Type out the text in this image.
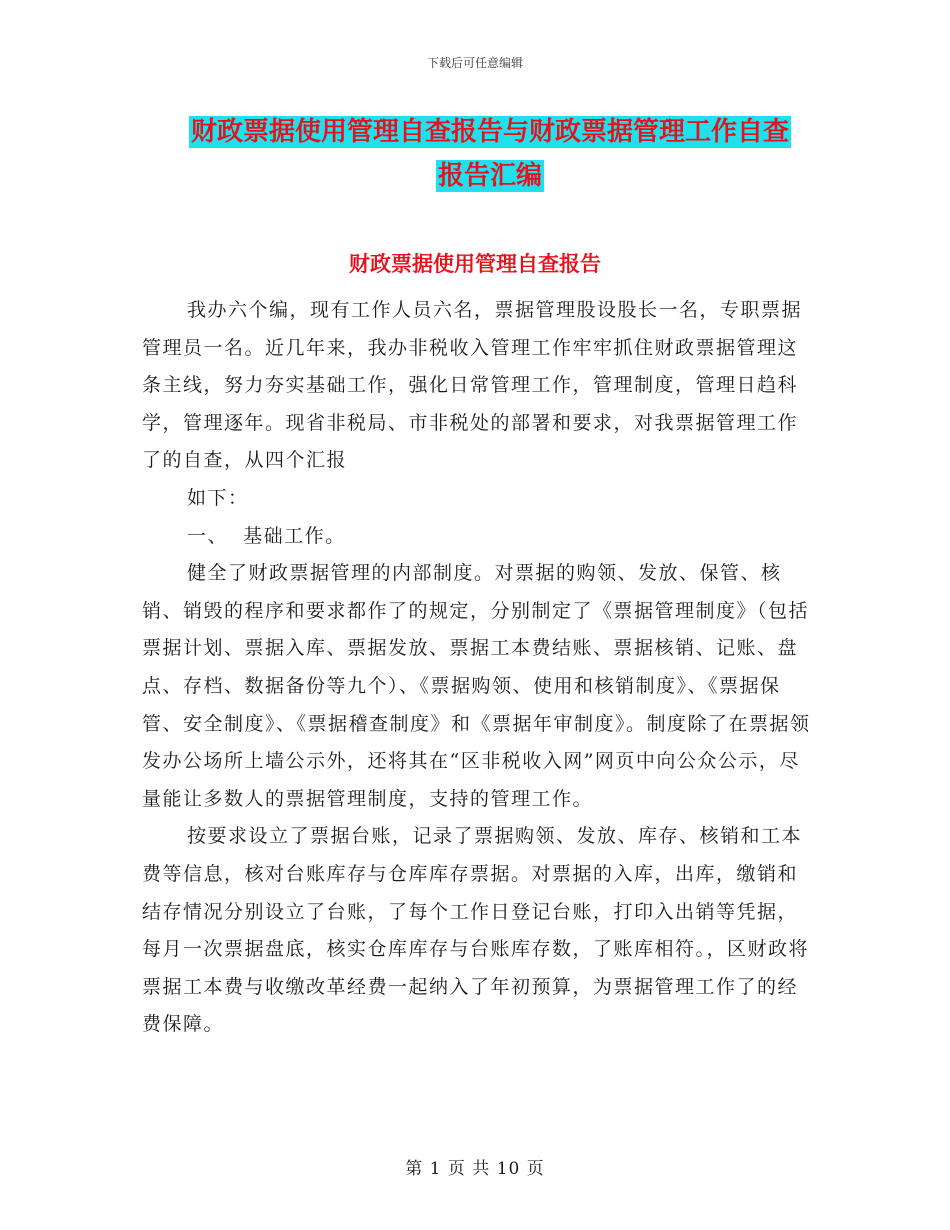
下载后可任意编辑
财政票据使用管理自查报告与财政票据管理工作自查
报告汇编
财政票据使用管理自查报告

我办六个编，现有工作人员六名，票据管理股设股长一名，专职票据管理员一名。近几年来，我办非税收入管理工作牢牢抓住财政票据管理这条主线，努力夯实基础工作，强化日常管理工作，管理制度，管理日趋科学，管理逐年。现省非税局、市非税处的部署和要求，对我票据管理工作了的自查，从四个汇报

如下：

一、  基础工作。

健全了财政票据管理的内部制度。对票据的购领、发放、保管、核销、销毁的程序和要求都作了的规定，分别制定了《票据管理制度》（包括票据计划、票据入库、票据发放、票据工本费结账、票据核销、记账、盘点、存档、数据备份等九个）、《票据购领、使用和核销制度》、《票据保管、安全制度》、《票据稽查制度》和《票据年审制度》。制度除了在票据领发办公场所上墙公示外，还将其在“区非税收入网”网页中向公众公示，尽量能让多数人的票据管理制度，支持的管理工作。

按要求设立了票据台账，记录了票据购领、发放、库存、核销和工本费等信息，核对台账库存与仓库库存票据。对票据的入库，出库，缴销和结存情况分别设立了台账，了每个工作日登记台账，打印入出销等凭据，每月一次票据盘底，核实仓库库存与台账库存数，了账库相符。，区财政将票据工本费与收缴改革经费一起纳入了年初预算，为票据管理工作了的经费保障。

第 1 页 共 10 页
